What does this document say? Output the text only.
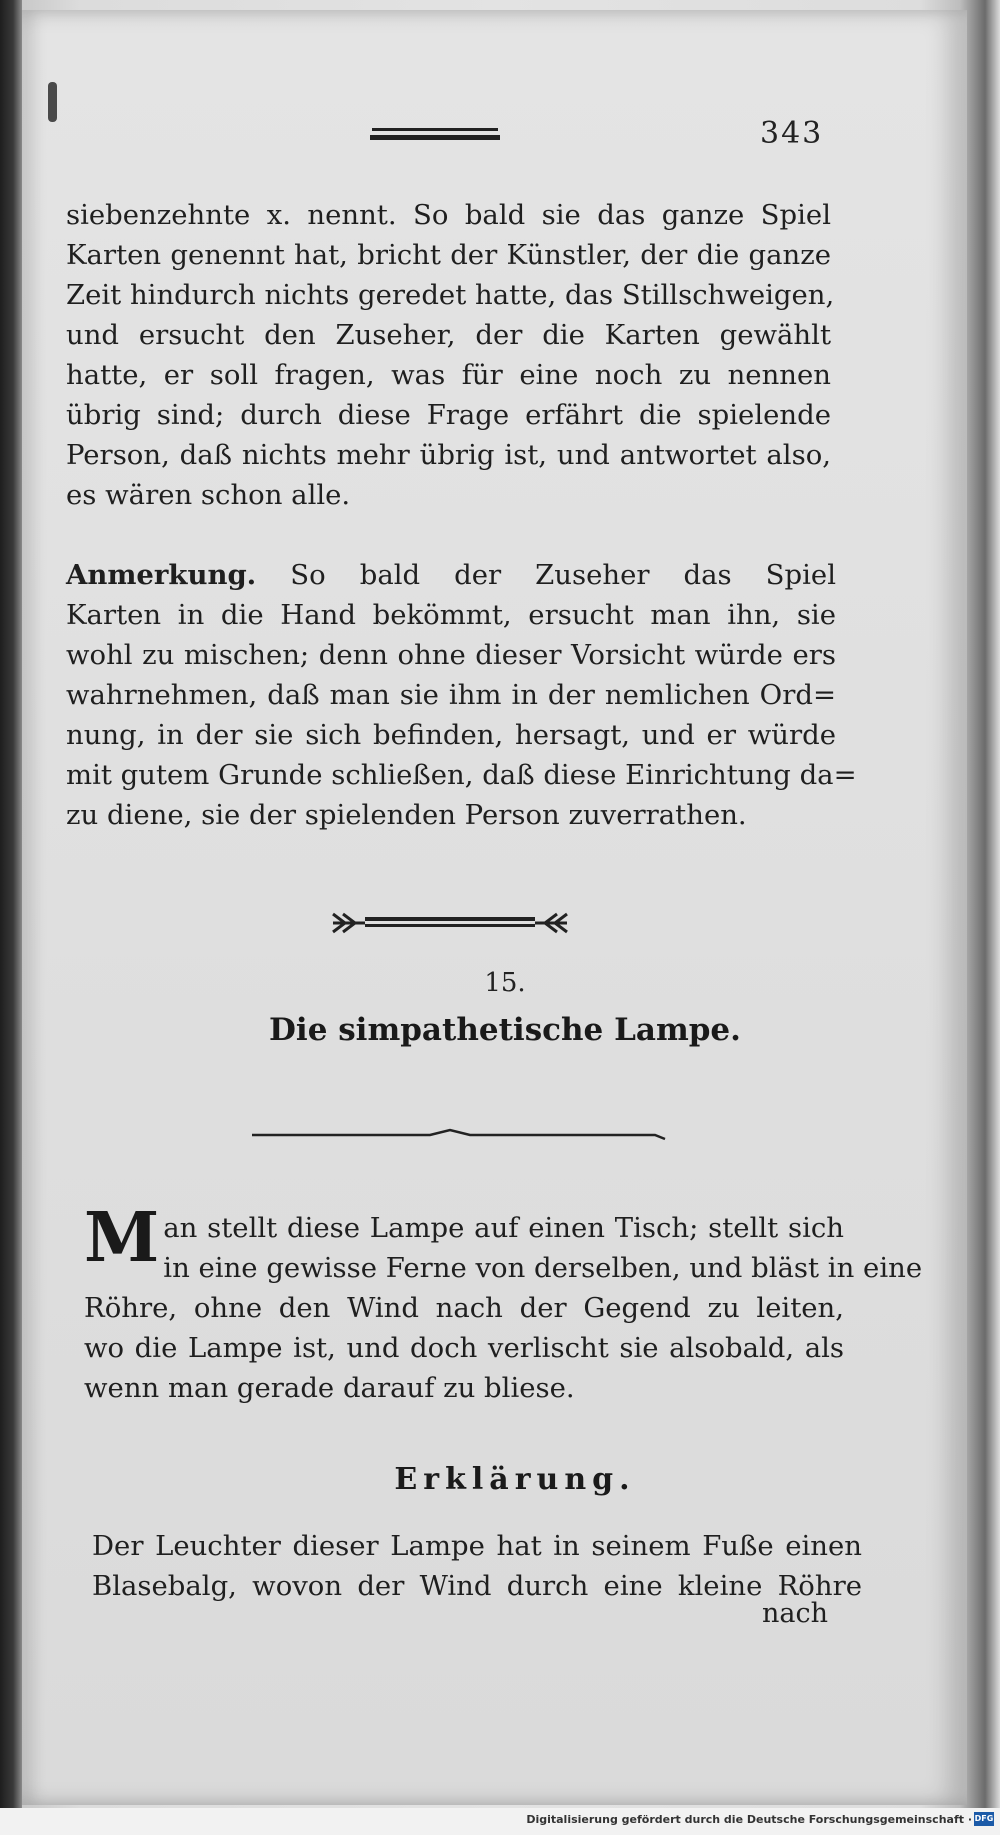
343
siebenzehnte x. nennt. So bald sie das ganze Spiel
Karten genennt hat, bricht der Künstler, der die ganze
Zeit hindurch nichts geredet hatte, das Stillschweigen,
und ersucht den Zuseher, der die Karten gewählt
hatte, er soll fragen, was für eine noch zu nennen
übrig sind; durch diese Frage erfährt die spielende
Person, daß nichts mehr übrig ist, und antwortet also,
es wären schon alle.
Anmerkung. So bald der Zuseher das Spiel
Karten in die Hand bekömmt, ersucht man ihn, sie
wohl zu mischen; denn ohne dieser Vorsicht würde ers
wahrnehmen, daß man sie ihm in der nemlichen Ord=
nung, in der sie sich befinden, hersagt, und er würde
mit gutem Grunde schließen, daß diese Einrichtung da=
zu diene, sie der spielenden Person zuverrathen.
15.
Die simpathetische Lampe.
M an stellt diese Lampe auf einen Tisch; stellt sich
in eine gewisse Ferne von derselben, und bläst in eine
Röhre, ohne den Wind nach der Gegend zu leiten,
wo die Lampe ist, und doch verlischt sie alsobald, als
wenn man gerade darauf zu bliese.
Erklärung.
Der Leuchter dieser Lampe hat in seinem Fuße einen
Blasebalg, wovon der Wind durch eine kleine Röhre
nach
Digitalisierung gefördert durch die Deutsche Forschungsgemeinschaft · DFG
